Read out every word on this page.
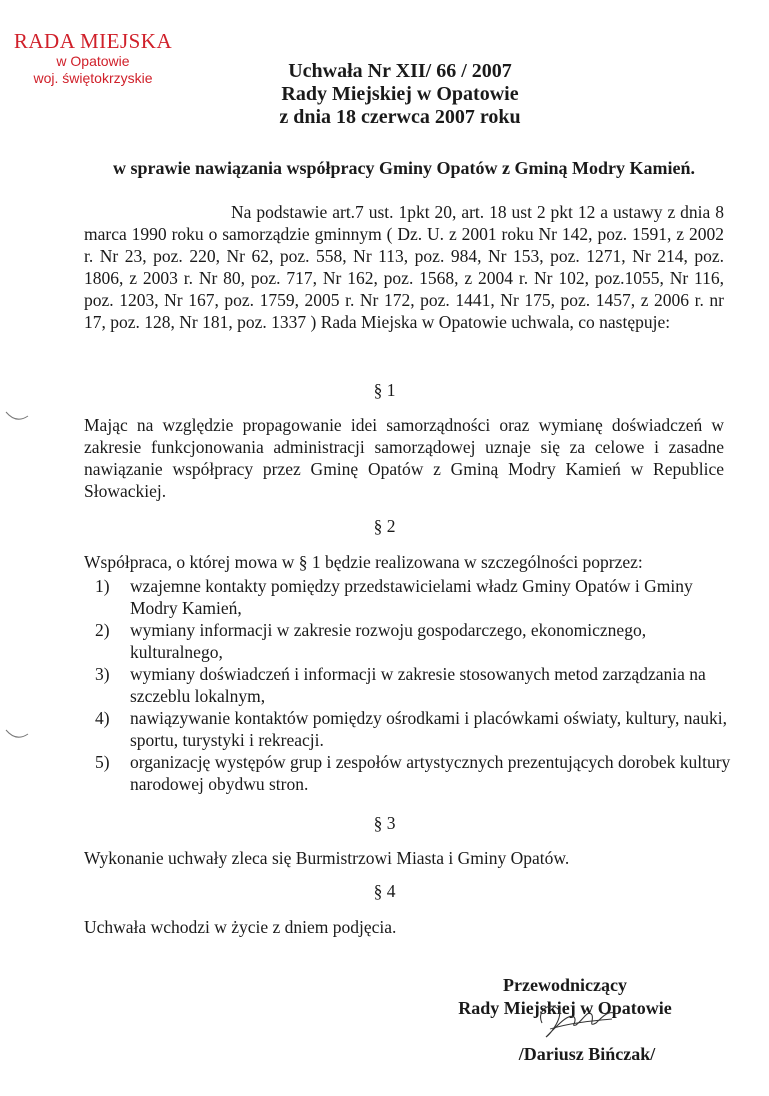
RADA MIEJSKA
w Opatowie
woj. świętokrzyskie	Uchwała Nr XII/ 66 / 2007
Rady Miejskiej w Opatowie
z dnia 18 czerwca 2007 roku
w sprawie nawiązania współpracy Gminy Opatów z Gminą Modry Kamień.
Na podstawie art.7 ust. 1pkt 20, art. 18 ust 2 pkt 12 a ustawy z dnia 8 marca 1990 roku o samorządzie gminnym ( Dz. U. z 2001 roku Nr 142, poz. 1591, z 2002 r. Nr 23, poz. 220, Nr 62, poz. 558, Nr 113, poz. 984, Nr 153, poz. 1271, Nr 214, poz. 1806, z 2003 r. Nr 80, poz. 717, Nr 162, poz. 1568, z 2004 r. Nr 102, poz.1055, Nr 116, poz. 1203, Nr 167, poz. 1759, 2005 r. Nr 172, poz. 1441, Nr 175, poz. 1457, z 2006 r. nr 17, poz. 128, Nr 181, poz. 1337 ) Rada Miejska w Opatowie uchwala, co następuje:
§ 1
Mając na względzie propagowanie idei samorządności oraz wymianę doświadczeń w zakresie funkcjonowania administracji samorządowej uznaje się za celowe i zasadne nawiązanie współpracy przez Gminę Opatów z Gminą Modry Kamień w Republice Słowackiej.
§ 2
Współpraca, o której mowa w § 1 będzie realizowana w szczególności poprzez:
1)	wzajemne kontakty pomiędzy przedstawicielami władz Gminy Opatów i Gminy Modry Kamień,
2)	wymiany informacji w zakresie rozwoju gospodarczego, ekonomicznego, kulturalnego,
3)	wymiany doświadczeń i informacji w zakresie stosowanych metod zarządzania na szczeblu lokalnym,
4)	nawiązywanie kontaktów pomiędzy ośrodkami i placówkami oświaty, kultury, nauki, sportu, turystyki i rekreacji.
5)	organizację występów grup i zespołów artystycznych prezentujących dorobek kultury narodowej obydwu stron.
§ 3
Wykonanie uchwały zleca się Burmistrzowi Miasta i Gminy Opatów.
§ 4
Uchwała wchodzi w życie z dniem podjęcia.
Przewodniczący
Rady Miejskiej w Opatowie
/Dariusz Bińczak/
